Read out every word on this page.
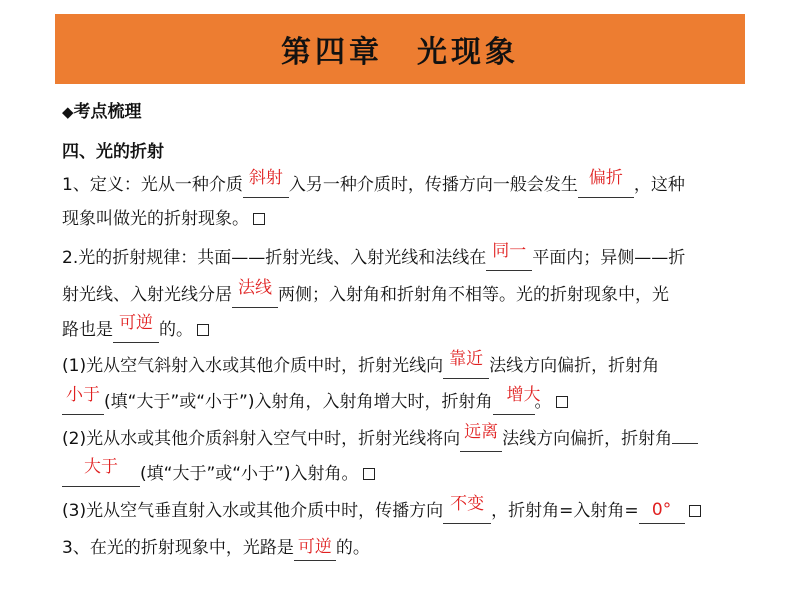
第四章　光现象
◆考点梳理
四、光的折射
1、定义：光从一种介质 斜射 入另一种介质时，传播方向一般会发生 偏折 ，这种
现象叫做光的折射现象。
2.光的折射规律：共面——折射光线、入射光线和法线在 同一 平面内；异侧——折
射光线、入射光线分居 法线 两侧；入射角和折射角不相等。光的折射现象中，光
路也是 可逆 的。
(1)光从空气斜射入水或其他介质中时，折射光线向 靠近 法线方向偏折，折射角
小于 (填“大于”或“小于”)入射角，入射角增大时，折射角 增大。
(2)光从水或其他介质斜射入空气中时，折射光线将向 远离 法线方向偏折，折射角
大于 (填“大于”或“小于”)入射角。
(3)光从空气垂直射入水或其他介质中时，传播方向 不变 ，折射角=入射角= 0°
3、在光的折射现象中，光路是 可逆 的。
